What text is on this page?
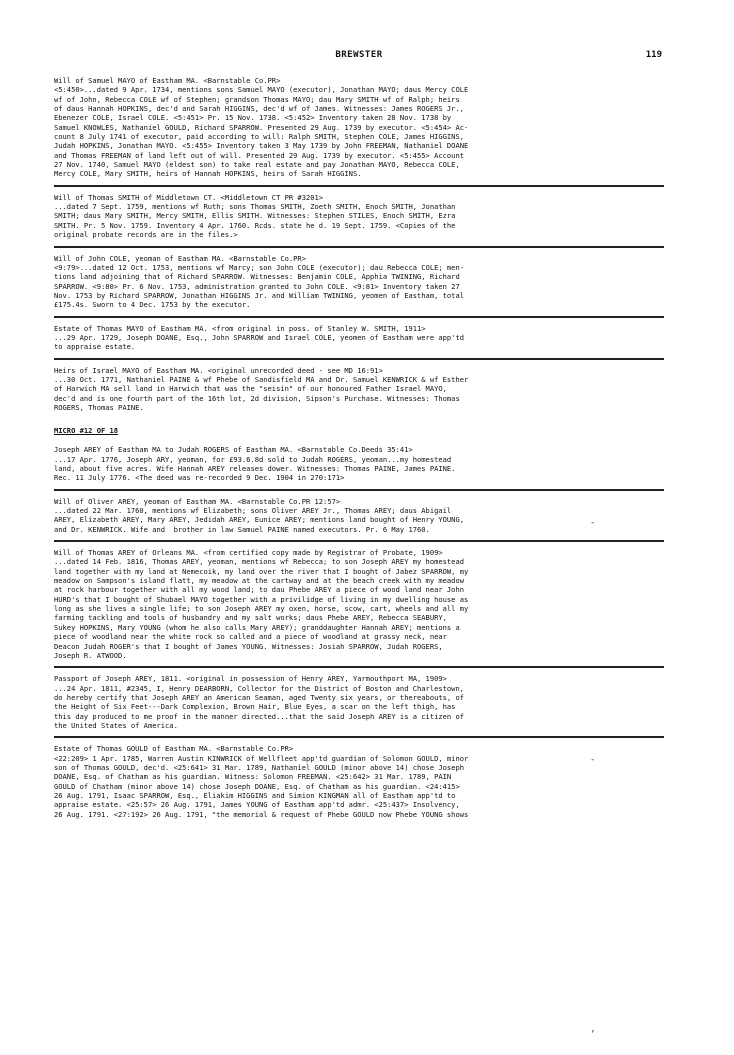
BREWSTER	119
Will of Samuel MAYO of Eastham MA. <Barnstable Co.PR>
<5:450>...dated 9 Apr. 1734, mentions sons Samuel MAYO (executor), Jonathan MAYO; daus Mercy COLE
wf of John, Rebecca COLE wf of Stephen; grandson Thomas MAYO; dau Mary SMITH wf of Ralph; heirs
of daus Hannah HOPKINS, dec'd and Sarah HIGGINS, dec'd wf of James. Witnesses: James ROGERS Jr.,
Ebenezer COLE, Israel COLE. <5:451> Pr. 15 Nov. 1738. <5:452> Inventory taken 28 Nov. 1738 by
Samuel KNOWLES, Nathaniel GOULD, Richard SPARROW. Presented 29 Aug. 1739 by executor. <5:454> Ac-
count 8 July 1741 of executor, paid according to will: Ralph SMITH, Stephen COLE, James HIGGINS,
Judah HOPKINS, Jonathan MAYO. <5:455> Inventory taken 3 May 1739 by John FREEMAN, Nathaniel DOANE
and Thomas FREEMAN of land left out of will. Presented 29 Aug. 1739 by executor. <5:455> Account
27 Nov. 1740, Samuel MAYO (eldest son) to take real estate and pay Jonathan MAYO, Rebecca COLE,
Mercy COLE, Mary SMITH, heirs of Hannah HOPKINS, heirs of Sarah HIGGINS.
Will of Thomas SMITH of Middletown CT. <Middletown CT PR #3201>
...dated 7 Sept. 1759, mentions wf Ruth; sons Thomas SMITH, Zoeth SMITH, Enoch SMITH, Jonathan
SMITH; daus Mary SMITH, Mercy SMITH, Ellis SMITH. Witnesses: Stephen STILES, Enoch SMITH, Ezra
SMITH. Pr. 5 Nov. 1759. Inventory 4 Apr. 1760. Rcds. state he d. 19 Sept. 1759. <Copies of the
original probate records are in the files.>
Will of John COLE, yeoman of Eastham MA. <Barnstable Co.PR>
<9:79>...dated 12 Oct. 1753, mentions wf Marcy; son John COLE (executor); dau Rebecca COLE; men-
tions land adjoining that of Richard SPARROW. Witnesses: Benjamin COLE, Apphia TWINING, Richard
SPARROW. <9:80> Pr. 6 Nov. 1753, administration granted to John COLE. <9:81> Inventory taken 27
Nov. 1753 by Richard SPARROW, Jonathan HIGGINS Jr. and William TWINING, yeomen of Eastham, total
£175.4s. Sworn to 4 Dec. 1753 by the executor.
Estate of Thomas MAYO of Eastham MA. <from original in poss. of Stanley W. SMITH, 1911>
...29 Apr. 1729, Joseph DOANE, Esq., John SPARROW and Israel COLE, yeomen of Eastham were app'td
to appraise estate.
Heirs of Israel MAYO of Eastham MA. <original unrecorded deed - see MD 16:91>
...30 Oct. 1771, Nathaniel PAINE & wf Phebe of Sandisfield MA and Dr. Samuel KENWRICK & wf Esther
of Harwich MA sell land in Harwich that was the "seisin" of our honoured Father Israel MAYO,
dec'd and is one fourth part of the 16th lot, 2d division, Sipson's Purchase. Witnesses: Thomas
ROGERS, Thomas PAINE.
MICRO #12 OF 18
Joseph AREY of Eastham MA to Judah ROGERS of Eastham MA. <Barnstable Co.Deeds 35:41>
...17 Apr. 1776, Joseph ARY, yeoman, for £93.6.8d sold to Judah ROGERS, yeoman...my homestead
land, about five acres. Wife Hannah AREY releases dower. Witnesses: Thomas PAINE, James PAINE.
Rec. 11 July 1776. <The deed was re-recorded 9 Dec. 1904 in 270:171>
Will of Oliver AREY, yeoman of Eastham MA. <Barnstable Co.PR 12:57>
...dated 22 Mar. 1760, mentions wf Elizabeth; sons Oliver AREY Jr., Thomas AREY; daus Abigail
AREY, Elizabeth AREY, Mary AREY, Jedidah AREY, Eunice AREY; mentions land bought of Henry YOUNG,
and Dr. KENWRICK. Wife and  brother in law Samuel PAINE named executors. Pr. 6 May 1760.
Will of Thomas AREY of Orleans MA. <from certified copy made by Registrar of Probate, 1909>
...dated 14 Feb. 1816, Thomas AREY, yeoman, mentions wf Rebecca; to son Joseph AREY my homestead
land together with my land at Nemecoik, my land over the river that I bought of Jabez SPARROW, my
meadow on Sampson's island flatt, my meadow at the cartway and at the beach creek with my meadow
at rock harbour together with all my wood land; to dau Phebe AREY a piece of wood land near John
HURD's that I bought of Shubael MAYO together with a privilidge of living in my dwelling house as
long as she lives a single life; to son Joseph AREY my oxen, horse, scow, cart, wheels and all my
farming tackling and tools of husbandry and my salt works; daus Phebe AREY, Rebecca SEABURY,
Sukey HOPKINS, Mary YOUNG (whom he also calls Mary AREY); granddaughter Hannah AREY; mentions a
piece of woodland near the white rock so called and a piece of woodland at grassy neck, near
Deacon Judah ROGER's that I bought of James YOUNG. Witnesses: Josiah SPARROW, Judah ROGERS,
Joseph R. ATWOOD.
Passport of Joseph AREY, 1811. <original in possession of Henry AREY, Yarmouthport MA, 1909>
...24 Apr. 1811, #2345, I, Henry DEARBORN, Collector for the District of Boston and Charlestown,
do hereby certify that Joseph AREY an American Seaman, aged Twenty six years, or thereabouts, of
the Height of Six Feet---Dark Complexion, Brown Hair, Blue Eyes, a scar on the left thigh, has
this day produced to me proof in the manner directed...that the said Joseph AREY is a citizen of
the United States of America.
Estate of Thomas GOULD of Eastham MA. <Barnstable Co.PR>
<22:209> 1 Apr. 1785, Warren Austin KINWRICK of Wellfleet app'td guardian of Solomon GOULD, minor
son of Thomas GOULD, dec'd. <25:641> 31 Mar. 1789, Nathaniel GOULD (minor above 14) chose Joseph
DOANE, Esq. of Chatham as his guardian. Witness: Solomon FREEMAN. <25:642> 31 Mar. 1789, PAIN
GOULD of Chatham (minor above 14) chose Joseph DOANE, Esq. of Chatham as his guardian. <24:415>
26 Aug. 1791, Isaac SPARROW, Esq., Eliakim HIGGINS and Simion KINGMAN all of Eastham app'td to
appraise estate. <25:57> 26 Aug. 1791, James YOUNG of Eastham app'td admr. <25:437> Insolvency,
26 Aug. 1791. <27:192> 26 Aug. 1791, "the memorial & request of Phebe GOULD now Phebe YOUNG shows
-
-
’
